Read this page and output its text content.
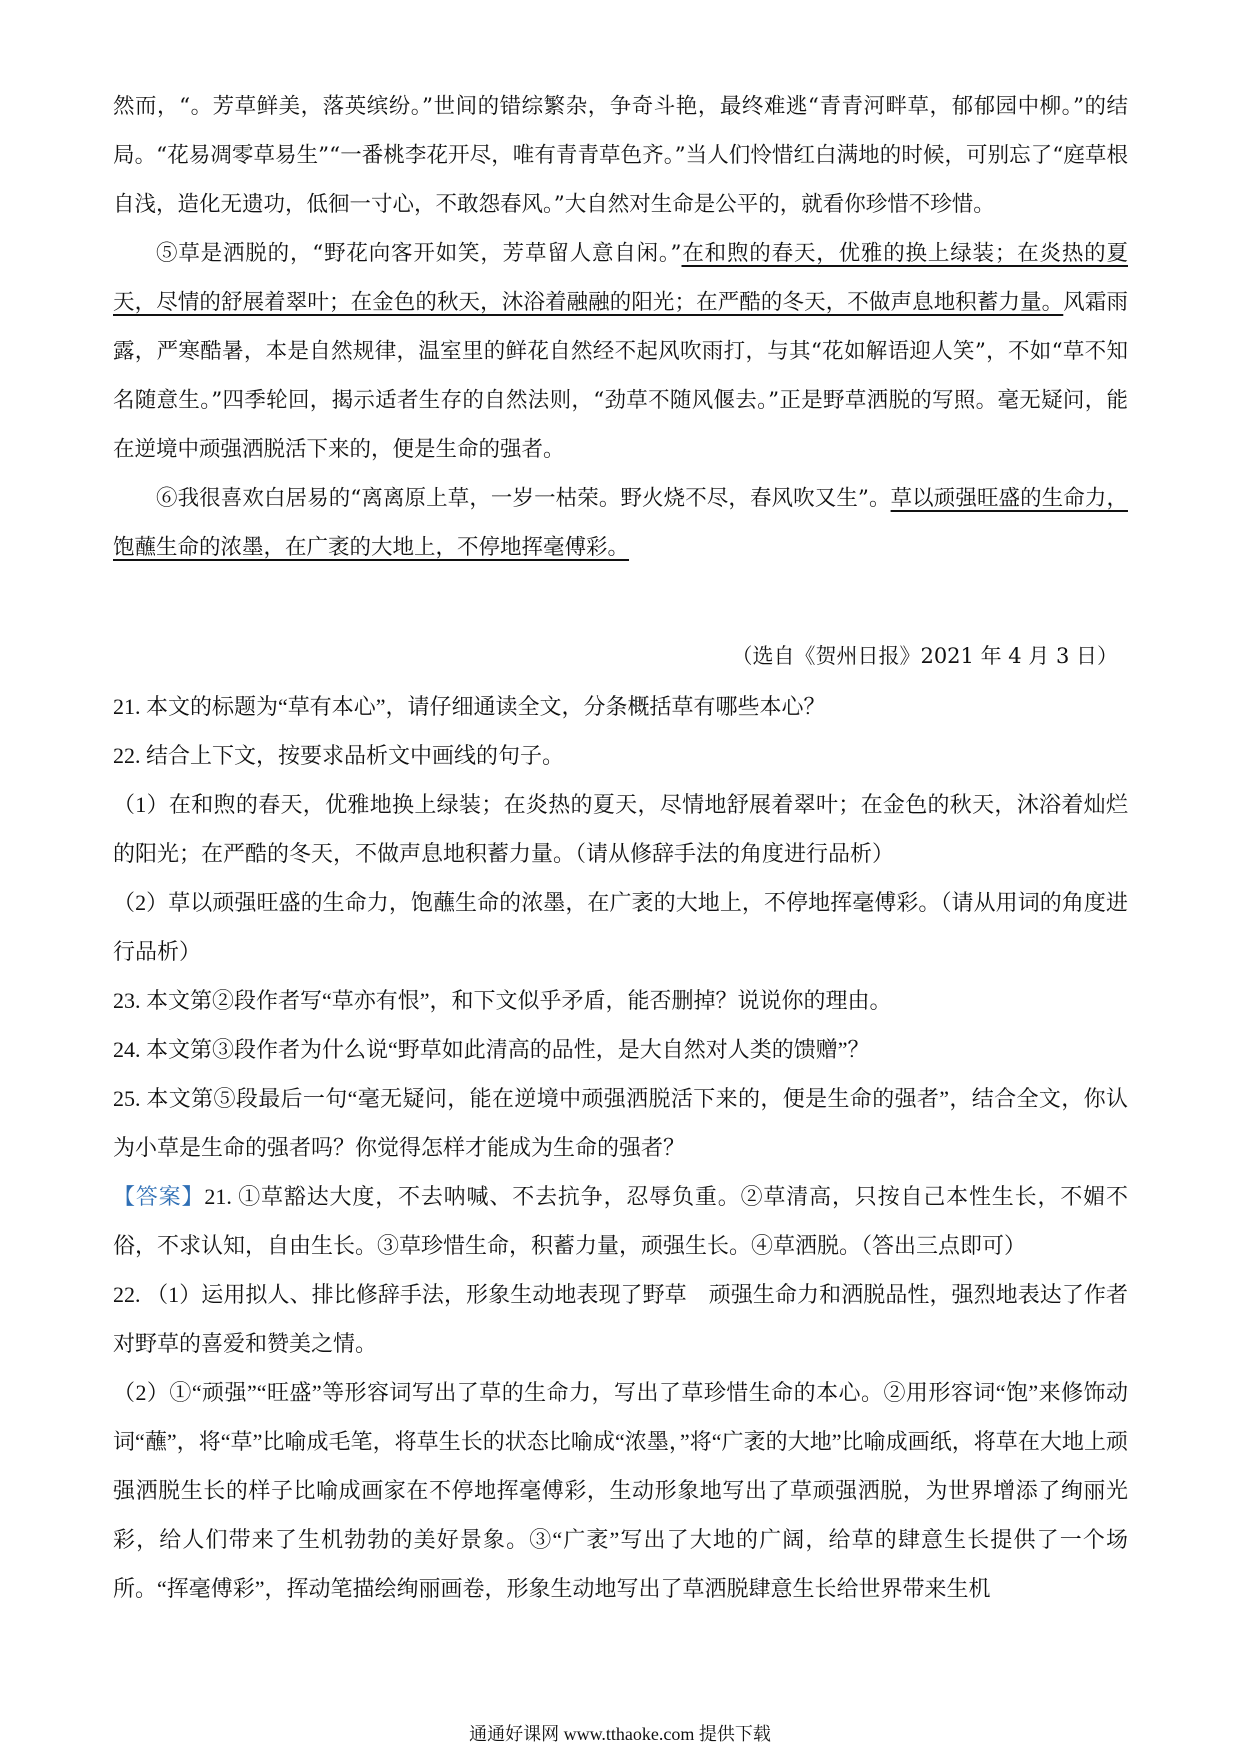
然而，“。芳草鲜美，落英缤纷。”世间的错综繁杂，争奇斗艳，最终难逃“青青河畔草，郁郁园中柳。”的结局。“花易凋零草易生”“一番桃李花开尽，唯有青青草色齐。”当人们怜惜红白满地的时候，可别忘了“庭草根自浅，造化无遗功，低徊一寸心，不敢怨春风。”大自然对生命是公平的，就看你珍惜不珍惜。

⑤草是洒脱的，“野花向客开如笑，芳草留人意自闲。”在和煦的春天，优雅的换上绿装；在炎热的夏天，尽情的舒展着翠叶；在金色的秋天，沐浴着融融的阳光；在严酷的冬天，不做声息地积蓄力量。风霜雨露，严寒酷暑，本是自然规律，温室里的鲜花自然经不起风吹雨打，与其“花如解语迎人笑”，不如“草不知名随意生。”四季轮回，揭示适者生存的自然法则，“劲草不随风偃去。”正是野草洒脱的写照。毫无疑问，能在逆境中顽强洒脱活下来的，便是生命的强者。

⑥我很喜欢白居易的“离离原上草，一岁一枯荣。野火烧不尽，春风吹又生”。草以顽强旺盛的生命力，饱蘸生命的浓墨，在广袤的大地上，不停地挥毫傅彩。

（选自《贺州日报》2021 年 4 月 3 日）

21. 本文的标题为“草有本心”，请仔细通读全文，分条概括草有哪些本心？

22. 结合上下文，按要求品析文中画线的句子。

（1）在和煦的春天，优雅地换上绿装；在炎热的夏天，尽情地舒展着翠叶；在金色的秋天，沐浴着灿烂的阳光；在严酷的冬天，不做声息地积蓄力量。（请从修辞手法的角度进行品析）

（2）草以顽强旺盛的生命力，饱蘸生命的浓墨，在广袤的大地上，不停地挥毫傅彩。（请从用词的角度进行品析）

23. 本文第②段作者写“草亦有恨”，和下文似乎矛盾，能否删掉？说说你的理由。

24. 本文第③段作者为什么说“野草如此清高的品性，是大自然对人类的馈赠”？

25. 本文第⑤段最后一句“毫无疑问，能在逆境中顽强洒脱活下来的，便是生命的强者”，结合全文，你认为小草是生命的强者吗？你觉得怎样才能成为生命的强者？

【答案】21. ①草豁达大度，不去呐喊、不去抗争，忍辱负重。②草清高，只按自己本性生长，不媚不俗，不求认知，自由生长。③草珍惜生命，积蓄力量，顽强生长。④草洒脱。（答出三点即可）

22. （1）运用拟人、排比修辞手法，形象生动地表现了野草　顽强生命力和洒脱品性，强烈地表达了作者对野草的喜爱和赞美之情。

（2）①“顽强”“旺盛”等形容词写出了草的生命力，写出了草珍惜生命的本心。②用形容词“饱”来修饰动词“蘸”，将“草”比喻成毛笔，将草生长的状态比喻成“浓墨，”将“广袤的大地”比喻成画纸，将草在大地上顽强洒脱生长的样子比喻成画家在不停地挥毫傅彩，生动形象地写出了草顽强洒脱，为世界增添了绚丽光彩，给人们带来了生机勃勃的美好景象。③“广袤”写出了大地的广阔，给草的肆意生长提供了一个场所。“挥毫傅彩”，挥动笔描绘绚丽画卷，形象生动地写出了草洒脱肆意生长给世界带来生机

通通好课网 www.tthaoke.com 提供下载
